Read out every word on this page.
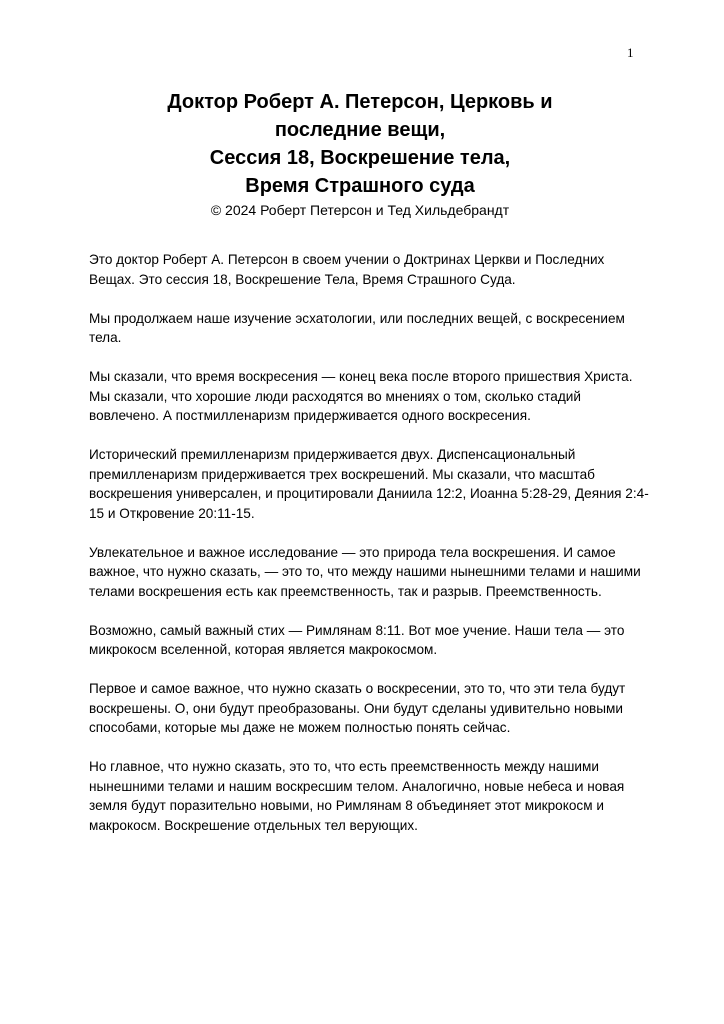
1
Доктор Роберт А. Петерсон, Церковь и
последние вещи,
Сессия 18, Воскрешение тела,
Время Страшного суда
© 2024 Роберт Петерсон и Тед Хильдебрандт

Это доктор Роберт А. Петерсон в своем учении о Доктринах Церкви и Последних Вещах. Это сессия 18, Воскрешение Тела, Время Страшного Суда.

Мы продолжаем наше изучение эсхатологии, или последних вещей, с воскресением тела.

Мы сказали, что время воскресения — конец века после второго пришествия Христа. Мы сказали, что хорошие люди расходятся во мнениях о том, сколько стадий вовлечено. А постмилленаризм придерживается одного воскресения.

Исторический премилленаризм придерживается двух. Диспенсациональный премилленаризм придерживается трех воскрешений. Мы сказали, что масштаб воскрешения универсален, и процитировали Даниила 12:2, Иоанна 5:28-29, Деяния 2:4-15 и Откровение 20:11-15.

Увлекательное и важное исследование — это природа тела воскрешения. И самое важное, что нужно сказать, — это то, что между нашими нынешними телами и нашими телами воскрешения есть как преемственность, так и разрыв. Преемственность.

Возможно, самый важный стих — Римлянам 8:11. Вот мое учение. Наши тела — это микрокосм вселенной, которая является макрокосмом.

Первое и самое важное, что нужно сказать о воскресении, это то, что эти тела будут воскрешены. О, они будут преобразованы. Они будут сделаны удивительно новыми способами, которые мы даже не можем полностью понять сейчас.

Но главное, что нужно сказать, это то, что есть преемственность между нашими нынешними телами и нашим воскресшим телом. Аналогично, новые небеса и новая земля будут поразительно новыми, но Римлянам 8 объединяет этот микрокосм и макрокосм. Воскрешение отдельных тел верующих.
